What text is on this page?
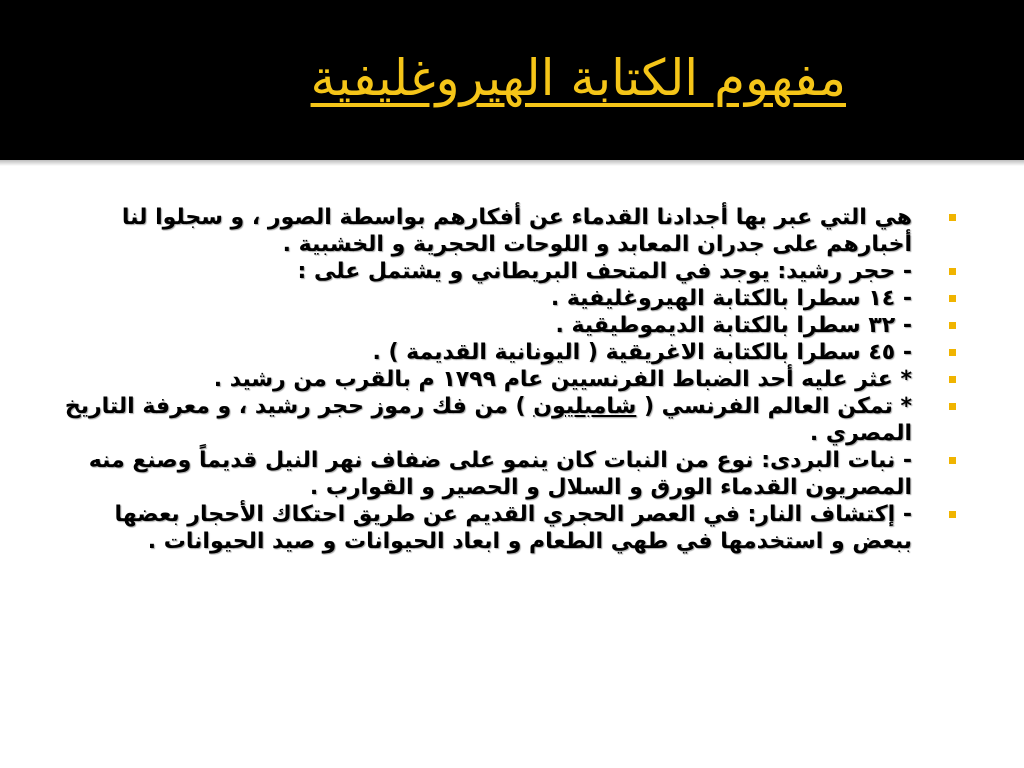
مفهوم الكتابة الهيروغليفية
هي التي عبر بها أجدادنا القدماء عن أفكارهم بواسطة الصور ، و سجلوا لنا أخبارهم على جدران المعابد و اللوحات الحجرية و الخشبية .
- حجر رشيد: يوجد في المتحف البريطاني و يشتمل على :
- ١٤ سطرا بالكتابة الهيروغليفية .
- ٣٢ سطرا بالكتابة الديموطيقية .
- ٤٥ سطرا بالكتابة الاغريقية ( اليونانية القديمة ) .
* عثر عليه أحد الضباط الفرنسيين عام ١٧٩٩ م بالقرب من رشيد .
* تمكن العالم الفرنسي ( شامبليون ) من فك رموز حجر رشيد ، و معرفة التاريخ المصري .
- نبات البردى: نوع من النبات كان ينمو على ضفاف نهر النيل قديماً وصنع منه المصريون القدماء الورق و السلال و الحصير و القوارب .
- إكتشاف النار: في العصر الحجري القديم عن طريق احتكاك الأحجار بعضها ببعض و استخدمها في طهي الطعام و ابعاد الحيوانات و صيد الحيوانات .
